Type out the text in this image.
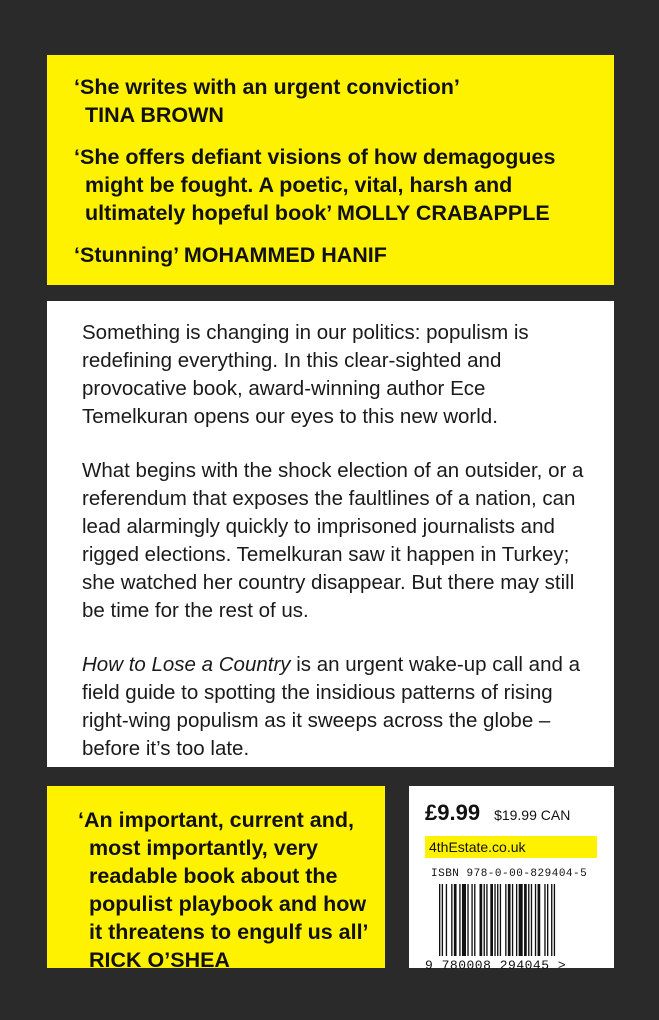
‘She writes with an urgent conviction’
TINA BROWN
‘She offers defiant visions of how demagogues
might be fought. A poetic, vital, harsh and
ultimately hopeful book’ MOLLY CRABAPPLE
‘Stunning’ MOHAMMED HANIF

Something is changing in our politics: populism is redefining everything. In this clear-sighted and provocative book, award-winning author Ece Temelkuran opens our eyes to this new world.

What begins with the shock election of an outsider, or a referendum that exposes the faultlines of a nation, can lead alarmingly quickly to imprisoned journalists and rigged elections. Temelkuran saw it happen in Turkey; she watched her country disappear. But there may still be time for the rest of us.

How to Lose a Country is an urgent wake-up call and a field guide to spotting the insidious patterns of rising right-wing populism as it sweeps across the globe – before it’s too late.

‘An important, current and,
most importantly, very
readable book about the
populist playbook and how
it threatens to engulf us all’
RICK O’SHEA
£9.99 $19.99 CAN
4thEstate.co.uk
ISBN 978-0-00-829404-5
9 780008 294045 >
